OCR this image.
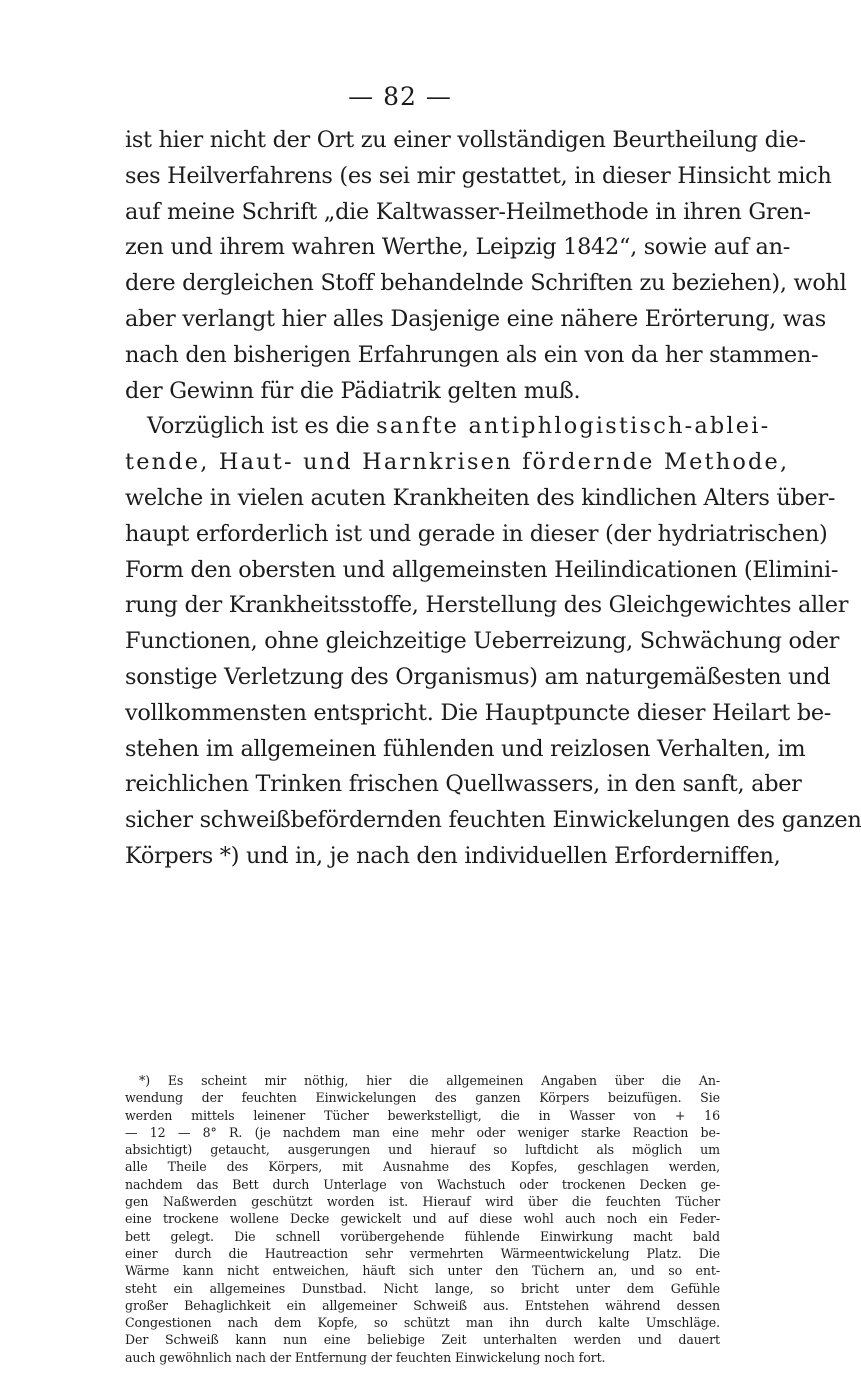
— 82 —
ist hier nicht der Ort zu einer vollständigen Beurtheilung die-
ses Heilverfahrens (es sei mir gestattet, in dieser Hinsicht mich
auf meine Schrift „die Kaltwasser-Heilmethode in ihren Gren-
zen und ihrem wahren Werthe, Leipzig 1842“, sowie auf an-
dere dergleichen Stoff behandelnde Schriften zu beziehen), wohl
aber verlangt hier alles Dasjenige eine nähere Erörterung, was
nach den bisherigen Erfahrungen als ein von da her stammen-
der Gewinn für die Pädiatrik gelten muß.
Vorzüglich ist es die sanfte antiphlogistisch-ablei-
tende, Haut- und Harnkrisen fördernde Methode,
welche in vielen acuten Krankheiten des kindlichen Alters über-
haupt erforderlich ist und gerade in dieser (der hydriatrischen)
Form den obersten und allgemeinsten Heilindicationen (Elimini-
rung der Krankheitsstoffe, Herstellung des Gleichgewichtes aller
Functionen, ohne gleichzeitige Ueberreizung, Schwächung oder
sonstige Verletzung des Organismus) am naturgemäßesten und
vollkommensten entspricht. Die Hauptpuncte dieser Heilart be-
stehen im allgemeinen fühlenden und reizlosen Verhalten, im
reichlichen Trinken frischen Quellwassers, in den sanft, aber
sicher schweißbefördernden feuchten Einwickelungen des ganzen
Körpers *) und in, je nach den individuellen Erforderniffen,
*) Es scheint mir nöthig, hier die allgemeinen Angaben über die An-
wendung der feuchten Einwickelungen des ganzen Körpers beizufügen. Sie
werden mittels leinener Tücher bewerkstelligt, die in Wasser von + 16
— 12 — 8° R. (je nachdem man eine mehr oder weniger starke Reaction be-
absichtigt) getaucht, ausgerungen und hierauf so luftdicht als möglich um
alle Theile des Körpers, mit Ausnahme des Kopfes, geschlagen werden,
nachdem das Bett durch Unterlage von Wachstuch oder trockenen Decken ge-
gen Naßwerden geschützt worden ist. Hierauf wird über die feuchten Tücher
eine trockene wollene Decke gewickelt und auf diese wohl auch noch ein Feder-
bett gelegt. Die schnell vorübergehende fühlende Einwirkung macht bald
einer durch die Hautreaction sehr vermehrten Wärmeentwickelung Platz. Die
Wärme kann nicht entweichen, häuft sich unter den Tüchern an, und so ent-
steht ein allgemeines Dunstbad. Nicht lange, so bricht unter dem Gefühle
großer Behaglichkeit ein allgemeiner Schweiß aus. Entstehen während dessen
Congestionen nach dem Kopfe, so schützt man ihn durch kalte Umschläge.
Der Schweiß kann nun eine beliebige Zeit unterhalten werden und dauert
auch gewöhnlich nach der Entfernung der feuchten Einwickelung noch fort.
